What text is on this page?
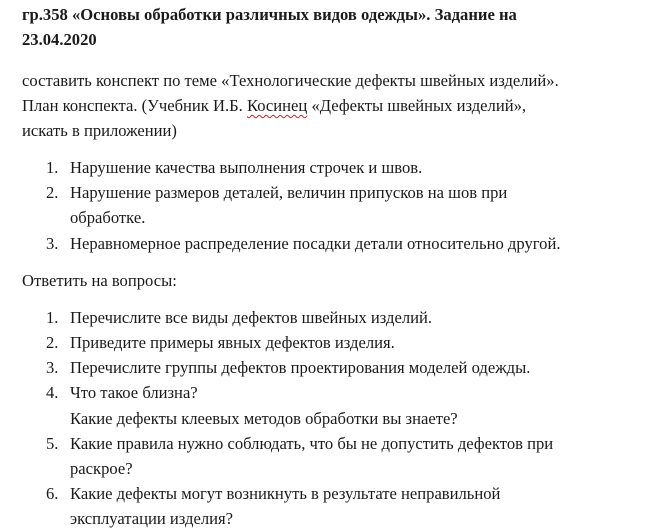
гр.358 «Основы обработки различных видов одежды». Задание на
23.04.2020

составить конспект по теме «Технологические дефекты швейных изделий».
План конспекта. (Учебник И.Б. Косинец «Дефекты швейных изделий»,
искать в приложении)

1. Нарушение качества выполнения строчек и швов.
2. Нарушение размеров деталей, величин припусков на шов при
обработке.
3. Неравномерное распределение посадки детали относительно другой.

Ответить на вопросы:

1. Перечислите все виды дефектов швейных изделий.
2. Приведите примеры явных дефектов изделия.
3. Перечислите группы дефектов проектирования моделей одежды.
4. Что такое близна?
Какие дефекты клеевых методов обработки вы знаете?
5. Какие правила нужно соблюдать, что бы не допустить дефектов при
раскрое?
6. Какие дефекты могут возникнуть в результате неправильной
эксплуатации изделия?
